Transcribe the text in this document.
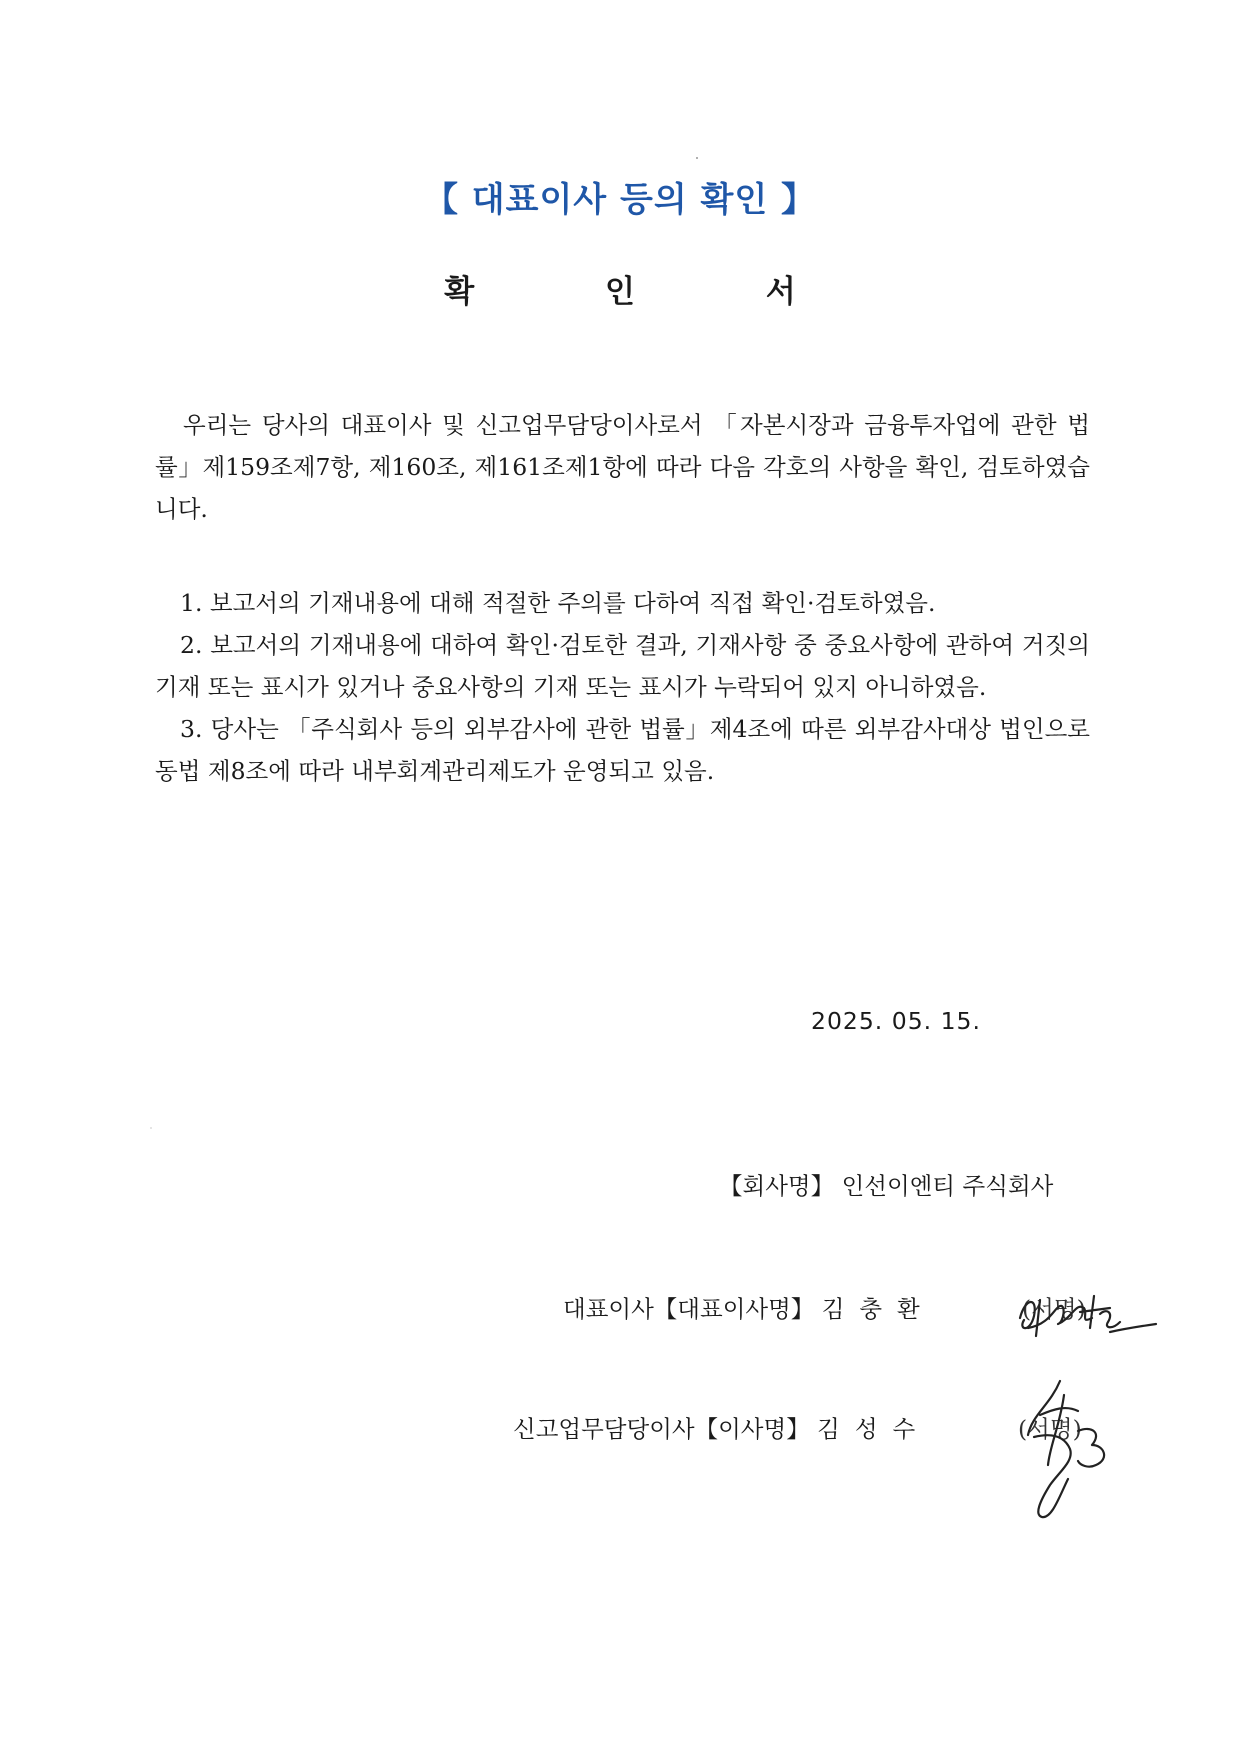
【 대표이사 등의 확인 】
확 인 서
우리는 당사의 대표이사 및 신고업무담당이사로서 「자본시장과 금융투자업에 관한 법률」제159조제7항, 제160조, 제161조제1항에 따라 다음 각호의 사항을 확인, 검토하였습니다.
1. 보고서의 기재내용에 대해 적절한 주의를 다하여 직접 확인·검토하였음.
2. 보고서의 기재내용에 대하여 확인·검토한 결과, 기재사항 중 중요사항에 관하여 거짓의 기재 또는 표시가 있거나 중요사항의 기재 또는 표시가 누락되어 있지 아니하였음.
3. 당사는 「주식회사 등의 외부감사에 관한 법률」제4조에 따른 외부감사대상 법인으로 동법 제8조에 따라 내부회계관리제도가 운영되고 있음.
2025. 05. 15.
【회사명】 인선이엔티 주식회사
대표이사【대표이사명】 김  충  환	(서명)
신고업무담당이사【이사명】 김  성  수	(서명)
